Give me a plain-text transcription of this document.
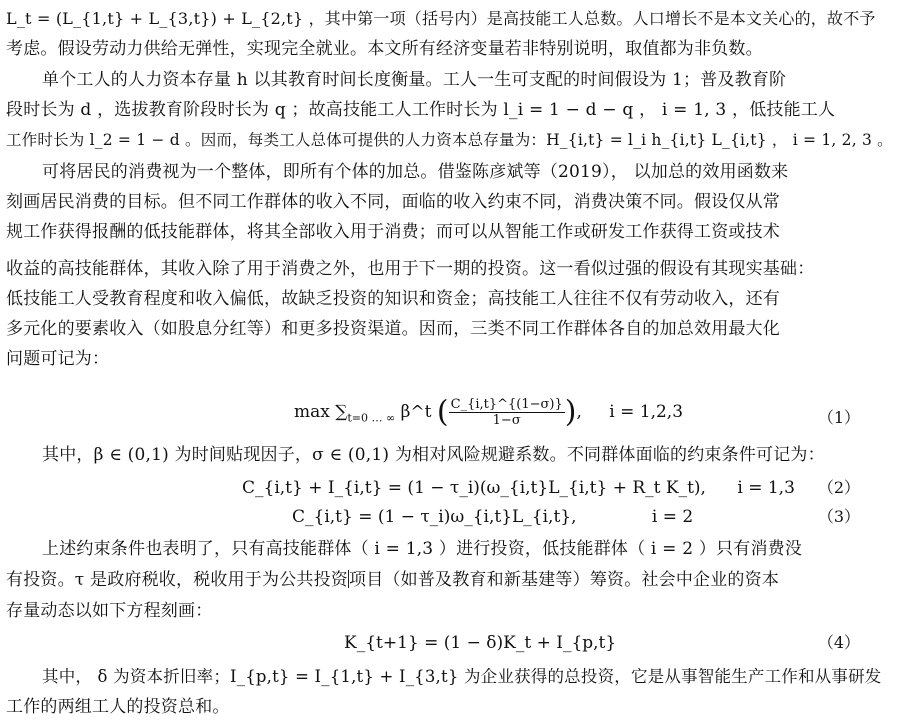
L_t = (L_{1,t} + L_{3,t}) + L_{2,t} ，其中第一项（括号内）是高技能工人总数。人口增长不是本文关心的，故不予
考虑。假设劳动力供给无弹性，实现完全就业。本文所有经济变量若非特别说明，取值都为非负数。
单个工人的人力资本存量 h 以其教育时间长度衡量。工人一生可支配的时间假设为 1；普及教育阶
段时长为 d ，选拔教育阶段时长为 q ；故高技能工人工作时长为 l_i = 1 − d − q ， i = 1, 3 ，低技能工人
工作时长为 l_2 = 1 − d 。因而，每类工人总体可提供的人力资本总存量为：H_{i,t} = l_i h_{i,t} L_{i,t} ， i = 1, 2, 3 。
可将居民的消费视为一个整体，即所有个体的加总。借鉴陈彦斌等（2019）， 以加总的效用函数来
刻画居民消费的目标。但不同工作群体的收入不同，面临的收入约束不同，消费决策不同。假设仅从常
规工作获得报酬的低技能群体，将其全部收入用于消费；而可以从智能工作或研发工作获得工资或技术
收益的高技能群体，其收入除了用于消费之外，也用于下一期的投资。这一看似过强的假设有其现实基础：
低技能工人受教育程度和收入偏低，故缺乏投资的知识和资金；高技能工人往往不仅有劳动收入，还有
多元化的要素收入（如股息分红等）和更多投资渠道。因而，三类不同工作群体各自的加总效用最大化
问题可记为：
$\max \sum_{t=0 \dots \infty}$ β^t ( $\frac{C\_\{i,t\}\^{}\{(1-\sigma)\}}{1-\sigma}$ ), i = 1,2,3	（1）
其中，β ∈ (0,1) 为时间贴现因子，σ ∈ (0,1) 为相对风险规避系数。不同群体面临的约束条件可记为：
C_{i,t} + I_{i,t} = (1 − τ_i)(ω_{i,t}L_{i,t} + R_t K_t), i = 1,3 （2）
C_{i,t} = (1 − τ_i)ω_{i,t}L_{i,t},	i = 2	（3）
上述约束条件也表明了，只有高技能群体（ i = 1,3 ）进行投资，低技能群体（ i = 2 ）只有消费没
有投资。τ 是政府税收，税收用于为公共投资项目（如普及教育和新基建等）筹资。社会中企业的资本
存量动态以如下方程刻画：
K_{t+1} = (1 − δ)K_t + I_{p,t}	（4）
其中， δ 为资本折旧率；I_{p,t} = I_{1,t} + I_{3,t} 为企业获得的总投资，它是从事智能生产工作和从事研发
工作的两组工人的投资总和。
